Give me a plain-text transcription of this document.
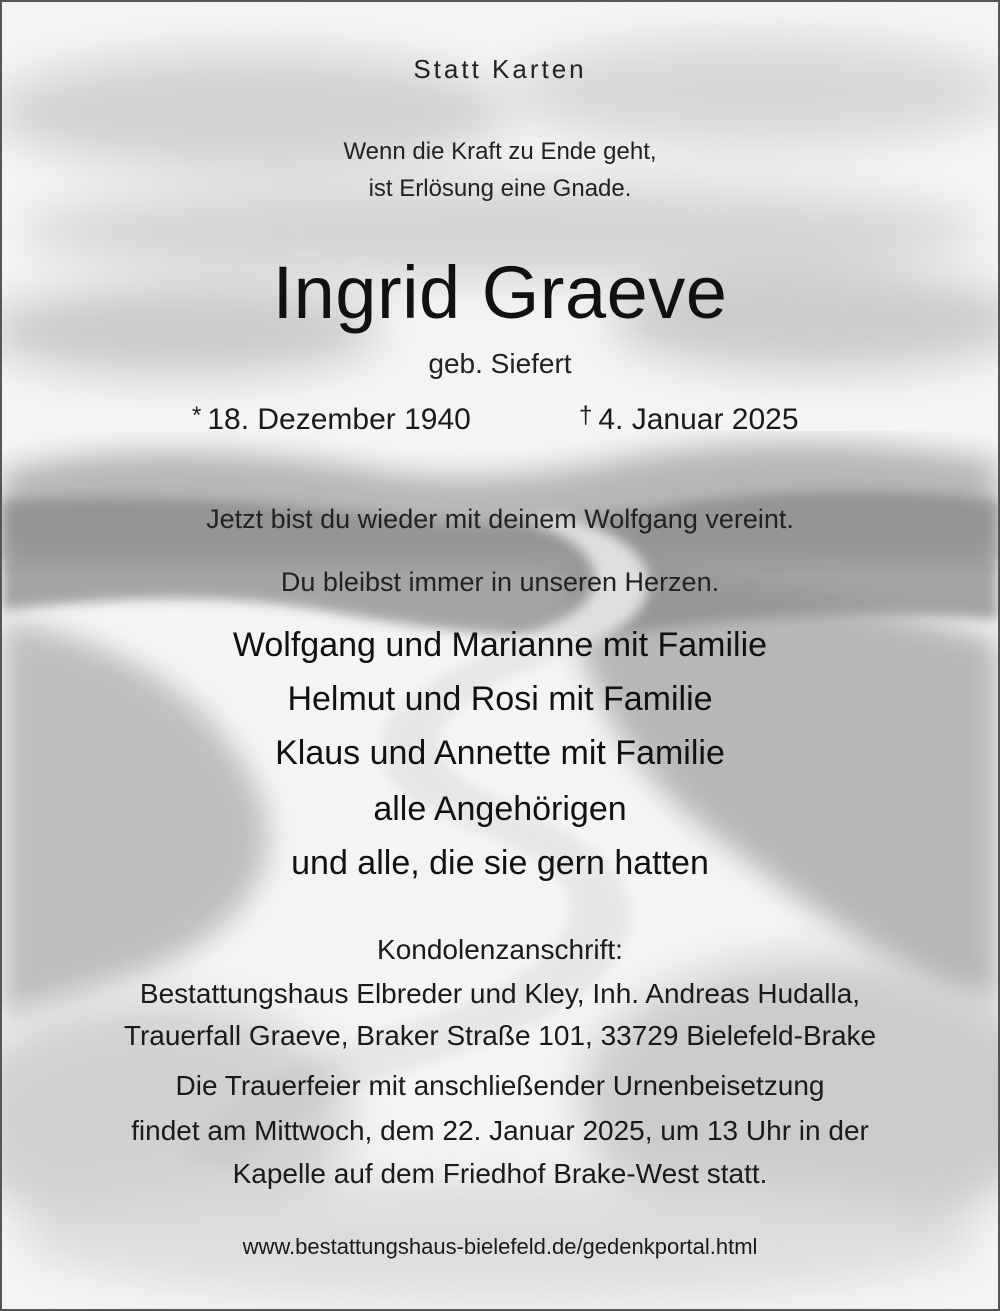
Statt Karten
Wenn die Kraft zu Ende geht,
ist Erlösung eine Gnade.
Ingrid Graeve
geb. Siefert
* 18. Dezember 1940	† 4. Januar 2025
Jetzt bist du wieder mit deinem Wolfgang vereint.
Du bleibst immer in unseren Herzen.
Wolfgang und Marianne mit Familie
Helmut und Rosi mit Familie
Klaus und Annette mit Familie
alle Angehörigen
und alle, die sie gern hatten
Kondolenzanschrift:
Bestattungshaus Elbreder und Kley, Inh. Andreas Hudalla,
Trauerfall Graeve, Braker Straße 101, 33729 Bielefeld-Brake
Die Trauerfeier mit anschließender Urnenbeisetzung
findet am Mittwoch, dem 22. Januar 2025, um 13 Uhr in der
Kapelle auf dem Friedhof Brake-West statt.
www.bestattungshaus-bielefeld.de/gedenkportal.html
